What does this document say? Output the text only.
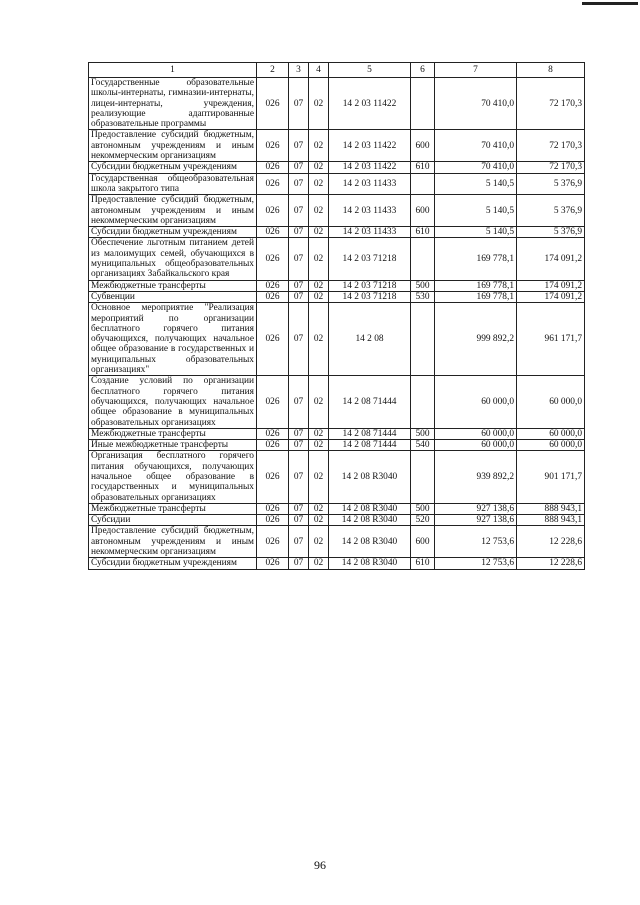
1	2	3	4	5	6	7	8
Государственные образовательные школы-интернаты, гимназии-интернаты, лицеи-интернаты, учреждения, реализующие адаптированные образовательные программы	026	07	02	14 2 03 11422		70 410,0	72 170,3
Предоставление субсидий бюджетным, автономным учреждениям и иным некоммерческим организациям	026	07	02	14 2 03 11422	600	70 410,0	72 170,3
Субсидии бюджетным учреждениям	026	07	02	14 2 03 11422	610	70 410,0	72 170,3
Государственная общеобразовательная школа закрытого типа	026	07	02	14 2 03 11433		5 140,5	5 376,9
Предоставление субсидий бюджетным, автономным учреждениям и иным некоммерческим организациям	026	07	02	14 2 03 11433	600	5 140,5	5 376,9
Субсидии бюджетным учреждениям	026	07	02	14 2 03 11433	610	5 140,5	5 376,9
Обеспечение льготным питанием детей из малоимущих семей, обучающихся в муниципальных общеобразовательных организациях Забайкальского края	026	07	02	14 2 03 71218		169 778,1	174 091,2
Межбюджетные трансферты	026	07	02	14 2 03 71218	500	169 778,1	174 091,2
Субвенции	026	07	02	14 2 03 71218	530	169 778,1	174 091,2
Основное мероприятие "Реализация мероприятий по организации бесплатного горячего питания обучающихся, получающих начальное общее образование в государственных и муниципальных образовательных организациях"	026	07	02	14 2 08		999 892,2	961 171,7
Создание условий по организации бесплатного горячего питания обучающихся, получающих начальное общее образование в муниципальных образовательных организациях	026	07	02	14 2 08 71444		60 000,0	60 000,0
Межбюджетные трансферты	026	07	02	14 2 08 71444	500	60 000,0	60 000,0
Иные межбюджетные трансферты	026	07	02	14 2 08 71444	540	60 000,0	60 000,0
Организация бесплатного горячего питания обучающихся, получающих начальное общее образование в государственных и муниципальных образовательных организациях	026	07	02	14 2 08 R3040		939 892,2	901 171,7
Межбюджетные трансферты	026	07	02	14 2 08 R3040	500	927 138,6	888 943,1
Субсидии	026	07	02	14 2 08 R3040	520	927 138,6	888 943,1
Предоставление субсидий бюджетным, автономным учреждениям и иным некоммерческим организациям	026	07	02	14 2 08 R3040	600	12 753,6	12 228,6
Субсидии бюджетным учреждениям	026	07	02	14 2 08 R3040	610	12 753,6	12 228,6
96
